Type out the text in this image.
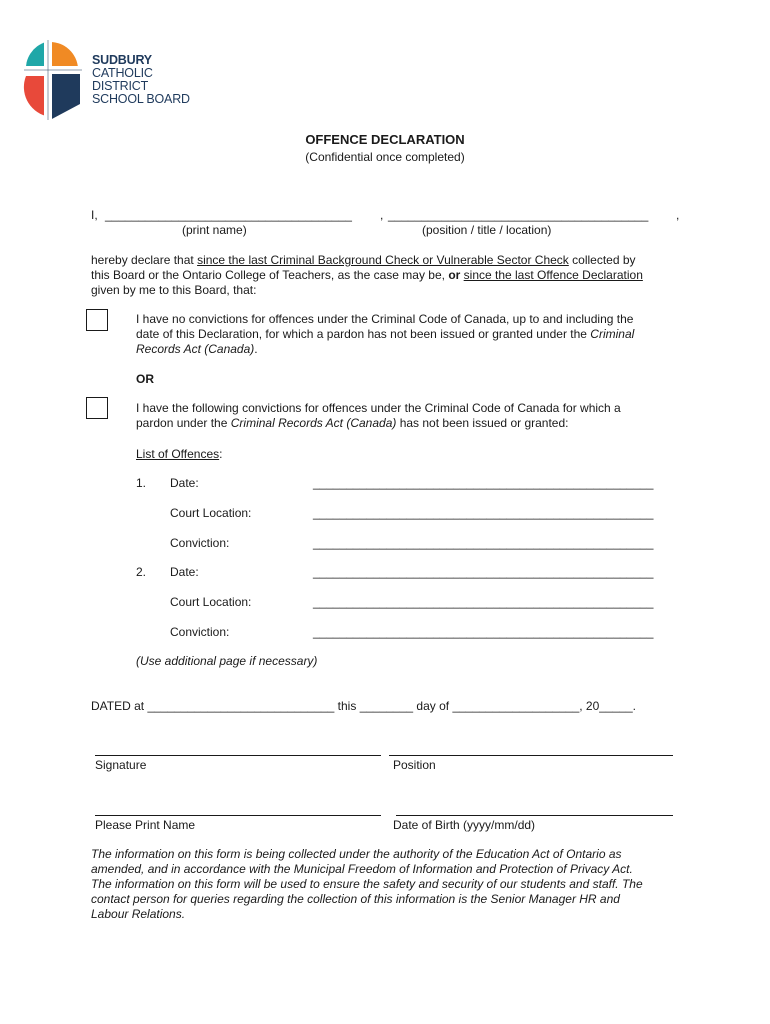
SUDBURY
CATHOLIC
DISTRICT
SCHOOL BOARD
OFFENCE DECLARATION
(Confidential once completed)
I, _____________________________________ , _______________________________________ ,
(print name)	(position / title / location)
hereby declare that since the last Criminal Background Check or Vulnerable Sector Check collected by
this Board or the Ontario College of Teachers, as the case may be, or since the last Offence Declaration
given by me to this Board, that:
I have no convictions for offences under the Criminal Code of Canada, up to and including the
date of this Declaration, for which a pardon has not been issued or granted under the Criminal
Records Act (Canada).
OR
I have the following convictions for offences under the Criminal Code of Canada for which a
pardon under the Criminal Records Act (Canada) has not been issued or granted:
List of Offences:
1. Date:	___________________________________________________
Court Location:	___________________________________________________
Conviction:	___________________________________________________
2. Date:	___________________________________________________
Court Location:	___________________________________________________
Conviction:	___________________________________________________
(Use additional page if necessary)
DATED at ____________________________ this ________ day of ___________________, 20_____.
Signature	Position
Please Print Name	Date of Birth (yyyy/mm/dd)
The information on this form is being collected under the authority of the Education Act of Ontario as
amended, and in accordance with the Municipal Freedom of Information and Protection of Privacy Act.
The information on this form will be used to ensure the safety and security of our students and staff. The
contact person for queries regarding the collection of this information is the Senior Manager HR and
Labour Relations.
